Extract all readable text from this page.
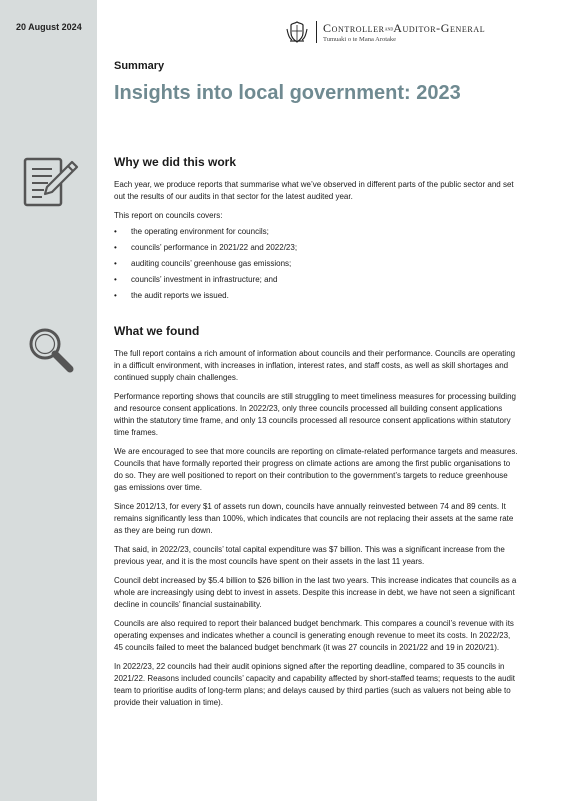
20 August 2024	ControllerandAuditor-General
Tumuaki o te Mana Arotake
Summary
Insights into local government: 2023
Why we did this work

Each year, we produce reports that summarise what we’ve observed in different parts of the public sector and set out the results of our audits in that sector for the latest audited year.

This report on councils covers:

• the operating environment for councils;
• councils’ performance in 2021/22 and 2022/23;
• auditing councils’ greenhouse gas emissions;
• councils’ investment in infrastructure; and
• the audit reports we issued.
What we found

The full report contains a rich amount of information about councils and their performance. Councils are operating in a difficult environment, with increases in inflation, interest rates, and staff costs, as well as skill shortages and continued supply chain challenges.

Performance reporting shows that councils are still struggling to meet timeliness measures for processing building and resource consent applications. In 2022/23, only three councils processed all building consent applications within the statutory time frame, and only 13 councils processed all resource consent applications within statutory time frames.

We are encouraged to see that more councils are reporting on climate-related performance targets and measures. Councils that have formally reported their progress on climate actions are among the first public organisations to do so. They are well positioned to report on their contribution to the government’s targets to reduce greenhouse gas emissions over time.

Since 2012/13, for every $1 of assets run down, councils have annually reinvested between 74 and 89 cents. It remains significantly less than 100%, which indicates that councils are not replacing their assets at the same rate as they are being run down.

That said, in 2022/23, councils’ total capital expenditure was $7 billion. This was a significant increase from the previous year, and it is the most councils have spent on their assets in the last 11 years.

Council debt increased by $5.4 billion to $26 billion in the last two years. This increase indicates that councils as a whole are increasingly using debt to invest in assets. Despite this increase in debt, we have not seen a significant decline in councils’ financial sustainability.

Councils are also required to report their balanced budget benchmark. This compares a council’s revenue with its operating expenses and indicates whether a council is generating enough revenue to meet its costs. In 2022/23, 45 councils failed to meet the balanced budget benchmark (it was 27 councils in 2021/22 and 19 in 2020/21).

In 2022/23, 22 councils had their audit opinions signed after the reporting deadline, compared to 35 councils in 2021/22. Reasons included councils’ capacity and capability affected by short-staffed teams; requests to the audit team to prioritise audits of long-term plans; and delays caused by third parties (such as valuers not being able to provide their valuation in time).
